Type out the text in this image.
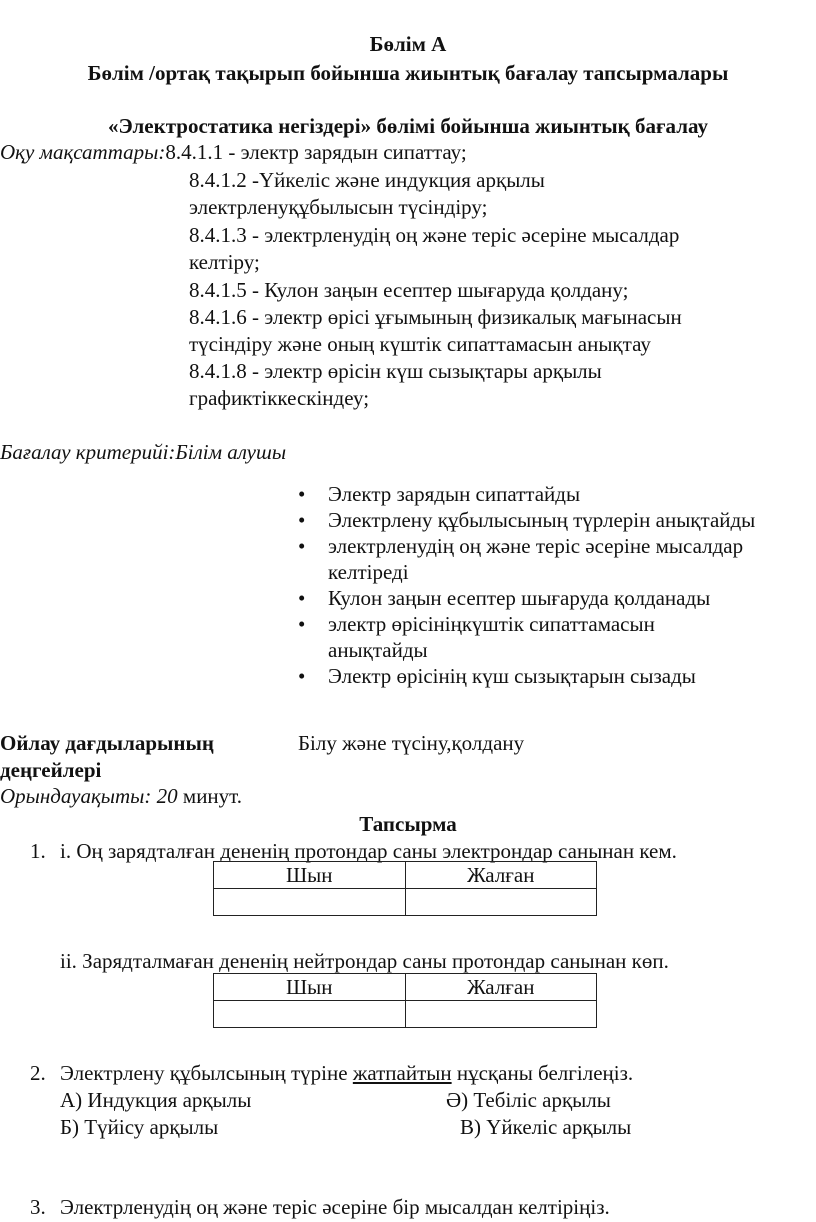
Бөлім А
Бөлім /ортақ тақырып бойынша жиынтық бағалау тапсырмалары
«Электростатика негіздері» бөлімі бойынша жиынтық бағалау
Оқу мақсаттары:8.4.1.1 - электр зарядын сипаттау;
8.4.1.2 -Үйкеліс және индукция арқылы
электрленуқұбылысын түсіндіру;
8.4.1.3 - электрленудің оң және теріс әсеріне мысалдар
келтіру;
8.4.1.5 - Кулон заңын есептер шығаруда қолдану;
8.4.1.6 - электр өрісі ұғымының физикалық мағынасын
түсіндіру және оның күштік сипаттамасын анықтау
8.4.1.8 - электр өрісін күш сызықтары арқылы
графиктіккескіндеу;
Бағалау критерийі:Білім алушы
• Электр зарядын сипаттайды
• Электрлену құбылысының түрлерін анықтайды
• электрленудің оң және теріс әсеріне мысалдар
келтіреді
• Кулон заңын есептер шығаруда қолданады
• электр өрісініңкүштік сипаттамасын
анықтайды
• Электр өрісінің күш сызықтарын сызады
Ойлау дағдыларының
деңгейлері
Білу және түсіну,қолдану
Орындауақыты: 20 минут.
Тапсырма
1. і. Оң зарядталған дененің протондар саны электрондар санынан кем.
Шын	Жалған

іі. Зарядталмаған дененің нейтрондар саны протондар санынан көп.
Шын	Жалған

2. Электрлену құбылсының түріне жатпайтын нұсқаны белгілеңіз.
А) Индукция арқылы	Ә) Тебіліс арқылы
Б) Түйісу арқылы	В) Үйкеліс арқылы
3. Электрленудің оң және теріс әсеріне бір мысалдан келтіріңіз.
